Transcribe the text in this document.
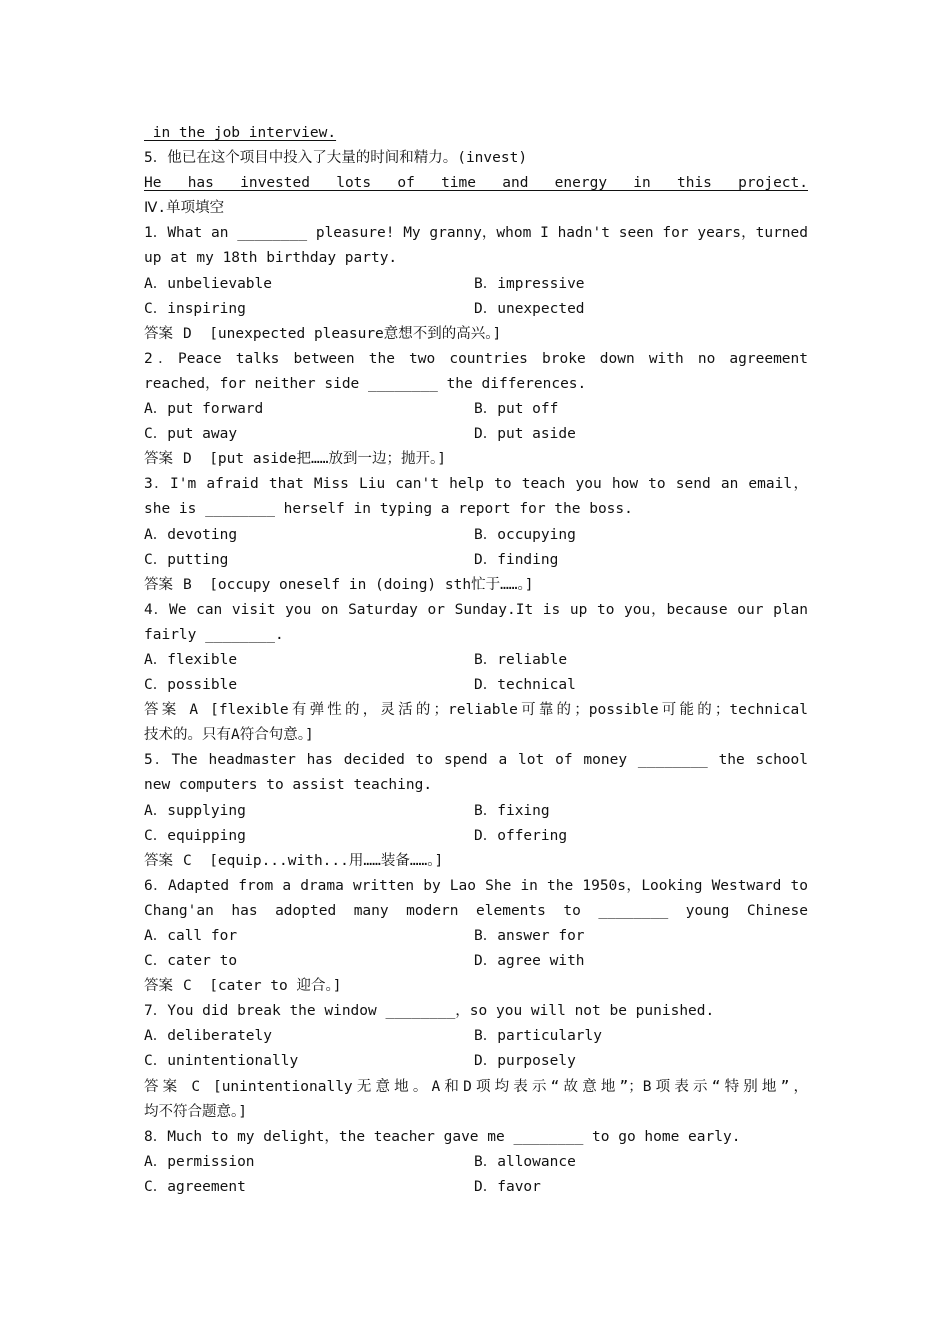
in the job interview.
5．他已在这个项目中投入了大量的时间和精力。(invest)
He has invested lots of time and energy in this project.
Ⅳ.单项填空
1．What an ________ pleasure! My granny，whom I hadn't seen for years，turned
up at my 18th birthday party.
A．unbelievable	B．impressive
C．inspiring	D．unexpected
答案 D  [unexpected pleasure意想不到的高兴。]
2．Peace talks between the two countries broke down with no agreement
reached，for neither side ________ the differences.
A．put forward	B．put off
C．put away	D．put aside
答案 D  [put aside把……放到一边；抛开。]
3．I'm afraid that Miss Liu can't help to teach you how to send an email，
she is ________ herself in typing a report for the boss.
A．devoting	B．occupying
C．putting	D．finding
答案 B  [occupy oneself in (doing) sth忙于……。]
4．We can visit you on Saturday or Sunday.It is up to you，because our plan
fairly ________.
A．flexible	B．reliable
C．possible	D．technical
答案 A [flexible有弹性的，灵活的；reliable可靠的；possible可能的；technical
技术的。只有A符合句意。]
5．The headmaster has decided to spend a lot of money ________ the school
new computers to assist teaching.
A．supplying	B．fixing
C．equipping	D．offering
答案 C  [equip...with...用……装备……。]
6．Adapted from a drama written by Lao She in the 1950s，Looking Westward to
Chang'an has adopted many modern elements to ________ young Chinese
A．call for	B．answer for
C．cater to	D．agree with
答案 C  [cater to 迎合。]
7．You did break the window ________，so you will not be punished.
A．deliberately	B．particularly
C．unintentionally	D．purposely
答案 C [unintentionally无意地。A和D项均表示“故意地”；B项表示“特别地”，
均不符合题意。]
8．Much to my delight，the teacher gave me ________ to go home early.
A．permission	B．allowance
C．agreement	D．favor
